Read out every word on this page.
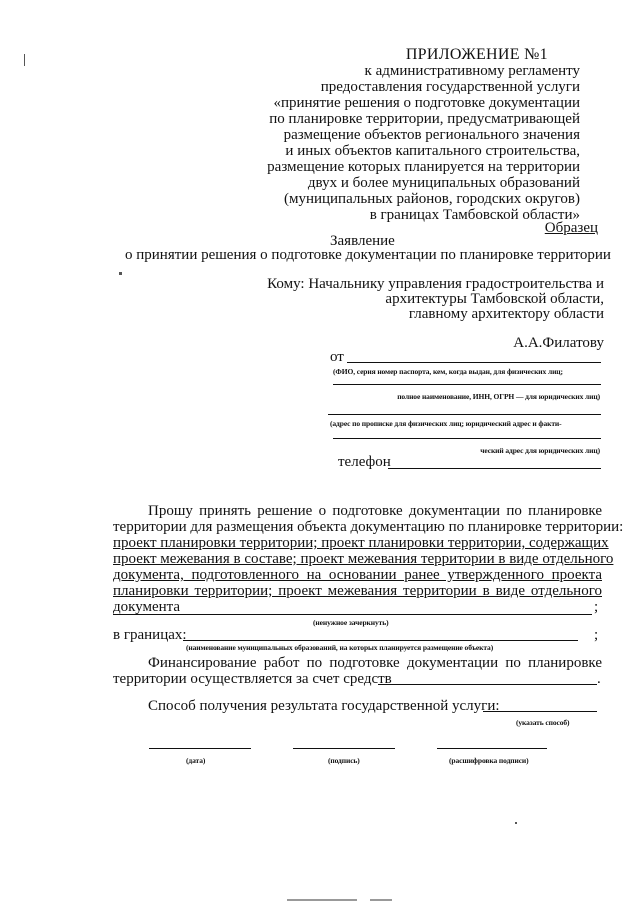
ПРИЛОЖЕНИЕ №1
к административному регламенту
предоставления государственной услуги
«принятие решения о подготовке документации
по планировке территории, предусматривающей
размещение объектов регионального значения
и иных объектов капитального строительства,
размещение которых планируется на территории
двух и более муниципальных образований
(муниципальных районов, городских округов)
в границах Тамбовской области»
Образец
Заявление
о принятии решения о подготовке документации по планировке территории
Кому: Начальнику управления градостроительства и
архитектуры Тамбовской области,
главному архитектору области
А.А.Филатову
от
(ФИО, серия номер паспорта, кем, когда выдан, для физических лиц;
полное наименование, ИНН, ОГРН — для юридических лиц)
(адрес по прописке для физических лиц; юридический адрес и факти-
ческий адрес для юридических лиц)
телефон
Прошу принять решение о подготовке документации по планировке
территории для размещения объекта документацию по планировке территории:
проект планировки территории; проект планировки территории, содержащих
проект межевания в составе; проект межевания территории в виде отдельного
документа, подготовленного на основании ранее утвержденного проекта
планировки территории; проект межевания территории в виде отдельного
документа	;
(ненужное зачеркнуть)
в границах:	;
(наименование муниципальных образований, на которых планируется размещение объекта)
Финансирование работ по подготовке документации по планировке
территории осуществляется за счет средств	.
Способ получения результата государственной услуги:
(указать способ)
(дата)	(подпись)	(расшифровка подписи)
